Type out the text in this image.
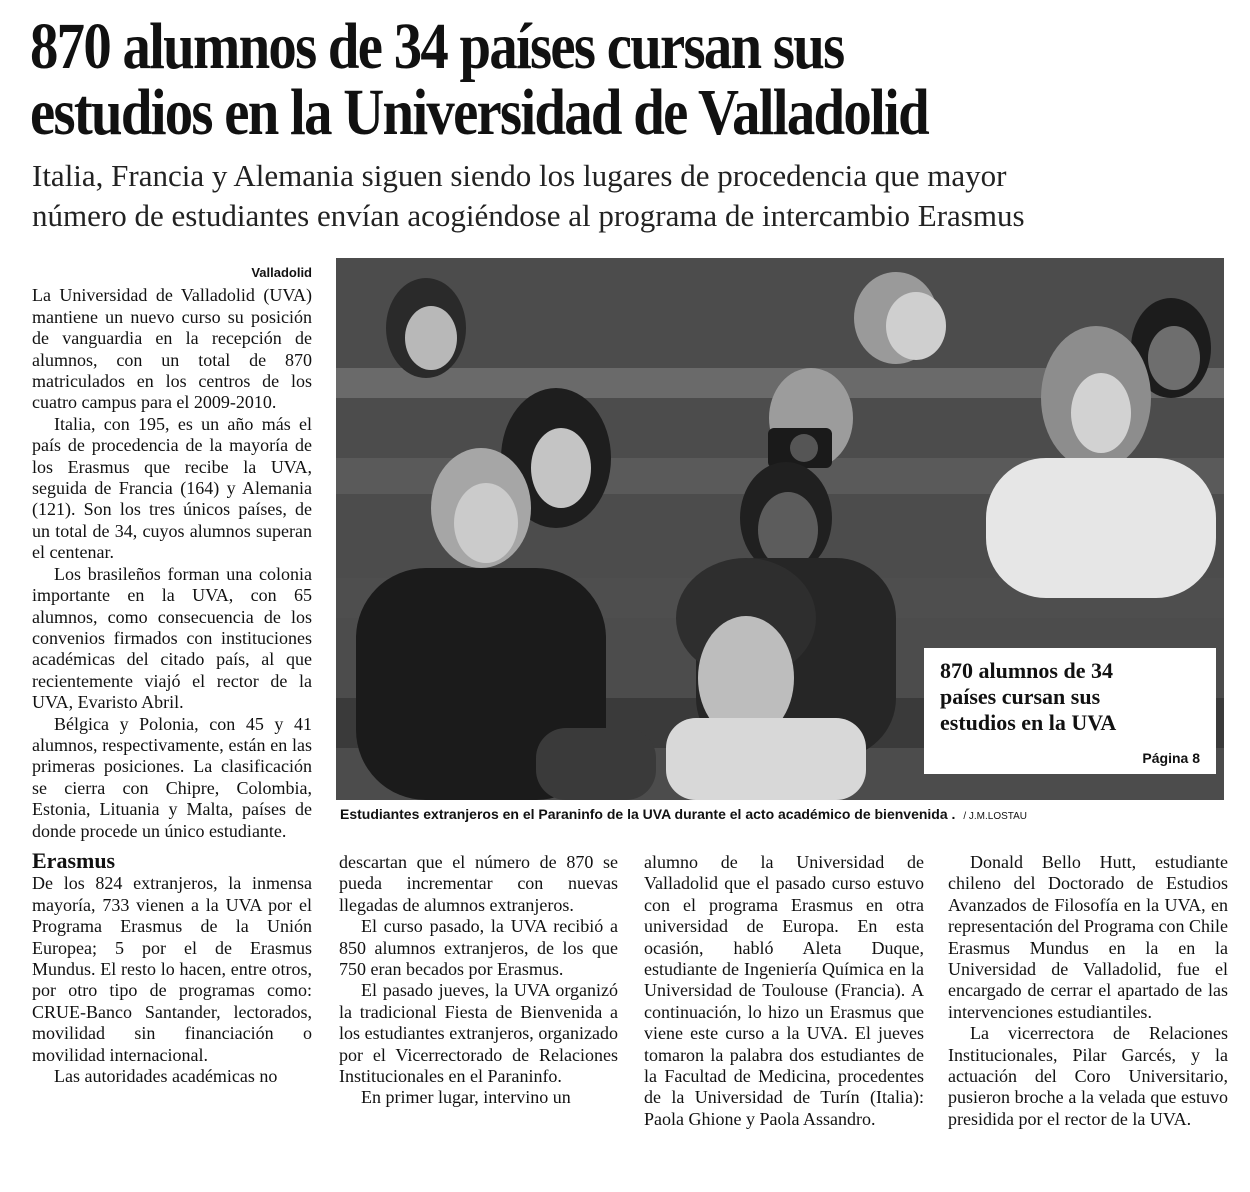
870 alumnos de 34 países cursan sus
estudios en la Universidad de Valladolid
Italia, Francia y Alemania siguen siendo los lugares de procedencia que mayor
número de estudiantes envían acogiéndose al programa de intercambio Erasmus
Valladolid

La Universidad de Valladolid (UVA) mantiene un nuevo curso su posición de vanguardia en la recepción de alumnos, con un total de 870 matriculados en los centros de los cuatro campus para el 2009-2010.

Italia, con 195, es un año más el país de procedencia de la mayoría de los Erasmus que recibe la UVA, seguida de Francia (164) y Alemania (121). Son los tres únicos países, de un total de 34, cuyos alumnos superan el centenar.

Los brasileños forman una colonia importante en la UVA, con 65 alumnos, como consecuencia de los convenios firmados con instituciones académicas del citado país, al que recientemente viajó el rector de la UVA, Evaristo Abril.

Bélgica y Polonia, con 45 y 41 alumnos, respectivamente, están en las primeras posiciones. La clasificación se cierra con Chipre, Colombia, Estonia, Lituania y Malta, países de donde procede un único estudiante.

Erasmus

De los 824 extranjeros, la inmensa mayoría, 733 vienen a la UVA por el Programa Erasmus de la Unión Europea; 5 por el de Erasmus Mundus. El resto lo hacen, entre otros, por otro tipo de programas como: CRUE-Banco Santander, lectorados, movilidad sin financiación o movilidad internacional.

Las autoridades académicas no

870 alumnos de 34
países cursan sus
estudios en la UVA
Página 8
Estudiantes extranjeros en el Paraninfo de la UVA durante el acto académico de bienvenida . / J.M.LOSTAU

descartan que el número de 870 se pueda incrementar con nuevas llegadas de alumnos extranjeros.

El curso pasado, la UVA recibió a 850 alumnos extranjeros, de los que 750 eran becados por Erasmus.

El pasado jueves, la UVA organizó la tradicional Fiesta de Bienvenida a los estudiantes extranjeros, organizado por el Vicerrectorado de Relaciones Institucionales en el Paraninfo.

En primer lugar, intervino un

alumno de la Universidad de Valladolid que el pasado curso estuvo con el programa Erasmus en otra universidad de Europa. En esta ocasión, habló Aleta Duque, estudiante de Ingeniería Química en la Universidad de Toulouse (Francia). A continuación, lo hizo un Erasmus que viene este curso a la UVA. El jueves tomaron la palabra dos estudiantes de la Facultad de Medicina, procedentes de la Universidad de Turín (Italia): Paola Ghione y Paola Assandro.

Donald Bello Hutt, estudiante chileno del Doctorado de Estudios Avanzados de Filosofía en la UVA, en representación del Programa con Chile Erasmus Mundus en la en la Universidad de Valladolid, fue el encargado de cerrar el apartado de las intervenciones estudiantiles.

La vicerrectora de Relaciones Institucionales, Pilar Garcés, y la actuación del Coro Universitario, pusieron broche a la velada que estuvo presidida por el rector de la UVA.
